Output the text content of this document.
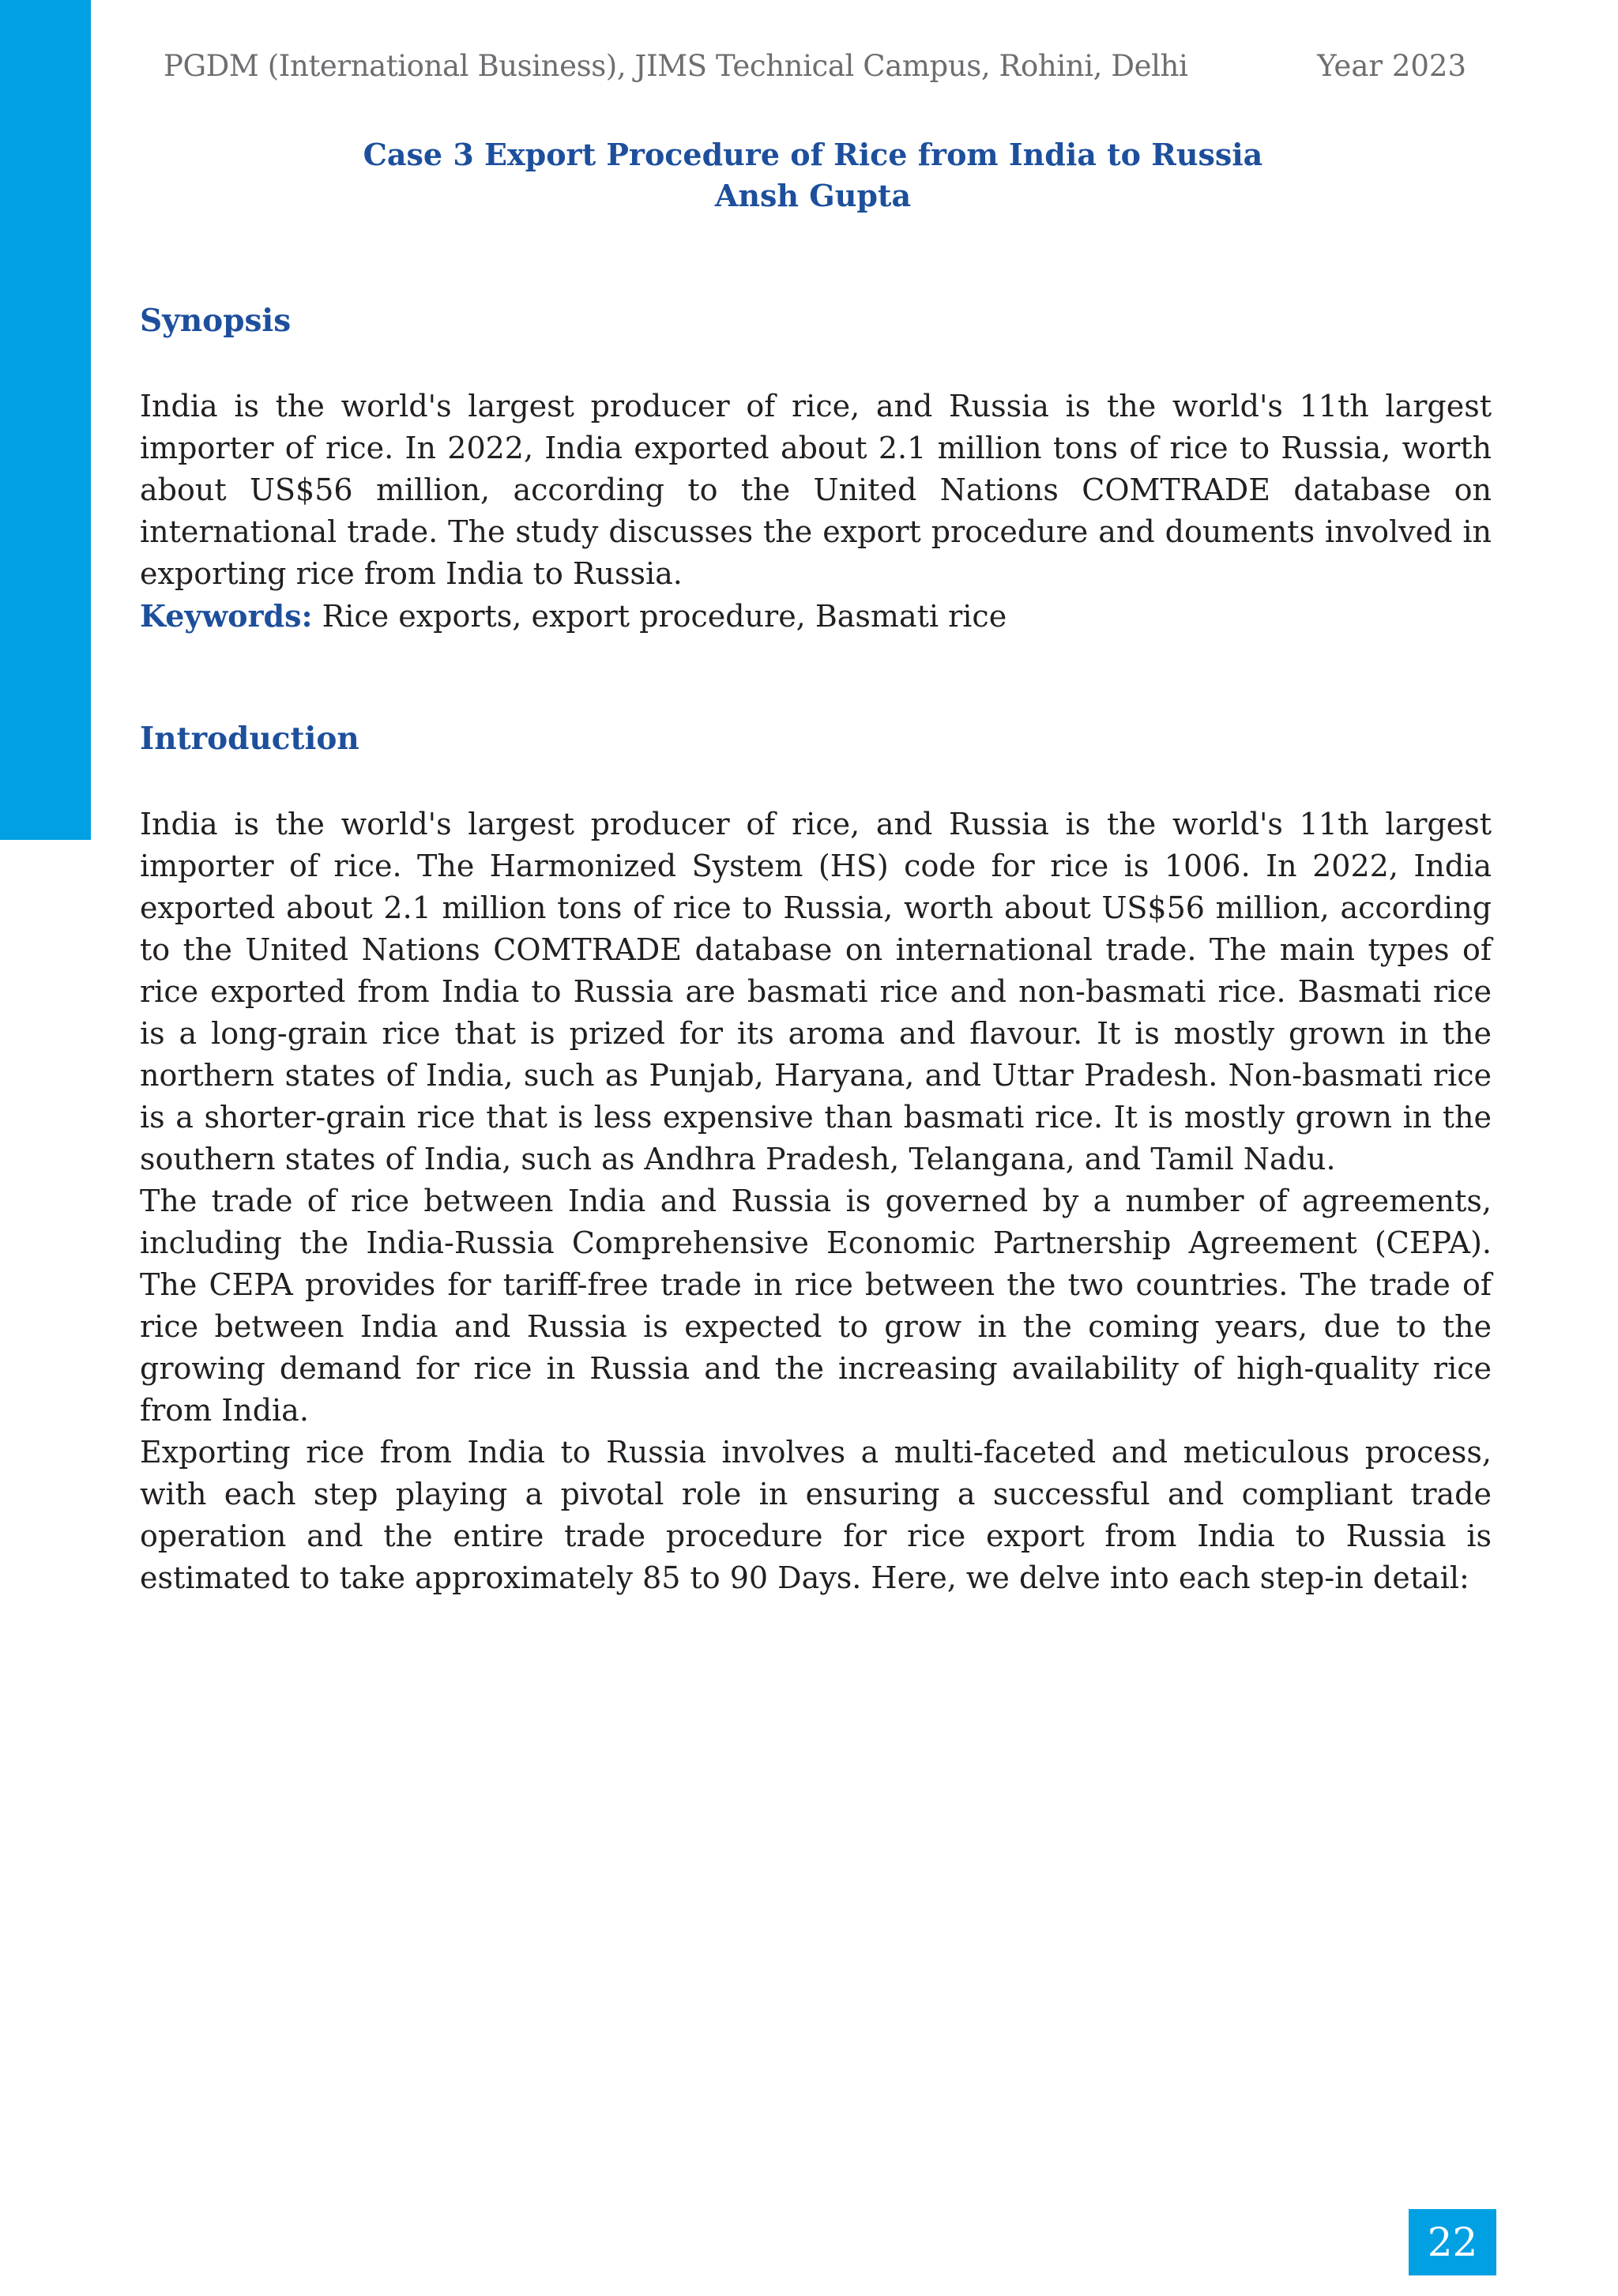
PGDM (International Business), JIMS Technical Campus, Rohini, Delhi	Year 2023
Case 3 Export Procedure of Rice from India to Russia
Ansh Gupta
Synopsis

India is the world's largest producer of rice, and Russia is the world's 11th largest importer of rice. In 2022, India exported about 2.1 million tons of rice to Russia, worth about US$56 million, according to the United Nations COMTRADE database on international trade. The study discusses the export procedure and douments involved in exporting rice from India to Russia.

Keywords: Rice exports, export procedure, Basmati rice

Introduction

India is the world's largest producer of rice, and Russia is the world's 11th largest importer of rice. The Harmonized System (HS) code for rice is 1006. In 2022, India exported about 2.1 million tons of rice to Russia, worth about US$56 million, according to the United Nations COMTRADE database on international trade. The main types of rice exported from India to Russia are basmati rice and non-basmati rice. Basmati rice is a long-grain rice that is prized for its aroma and flavour. It is mostly grown in the northern states of India, such as Punjab, Haryana, and Uttar Pradesh. Non-basmati rice is a shorter-grain rice that is less expensive than basmati rice. It is mostly grown in the southern states of India, such as Andhra Pradesh, Telangana, and Tamil Nadu.

The trade of rice between India and Russia is governed by a number of agreements, including the India-Russia Comprehensive Economic Partnership Agreement (CEPA). The CEPA provides for tariff-free trade in rice between the two countries. The trade of rice between India and Russia is expected to grow in the coming years, due to the growing demand for rice in Russia and the increasing availability of high-quality rice from India.

Exporting rice from India to Russia involves a multi-faceted and meticulous process, with each step playing a pivotal role in ensuring a successful and compliant trade operation and the entire trade procedure for rice export from India to Russia is estimated to take approximately 85 to 90 Days. Here, we delve into each step-in detail:

22
